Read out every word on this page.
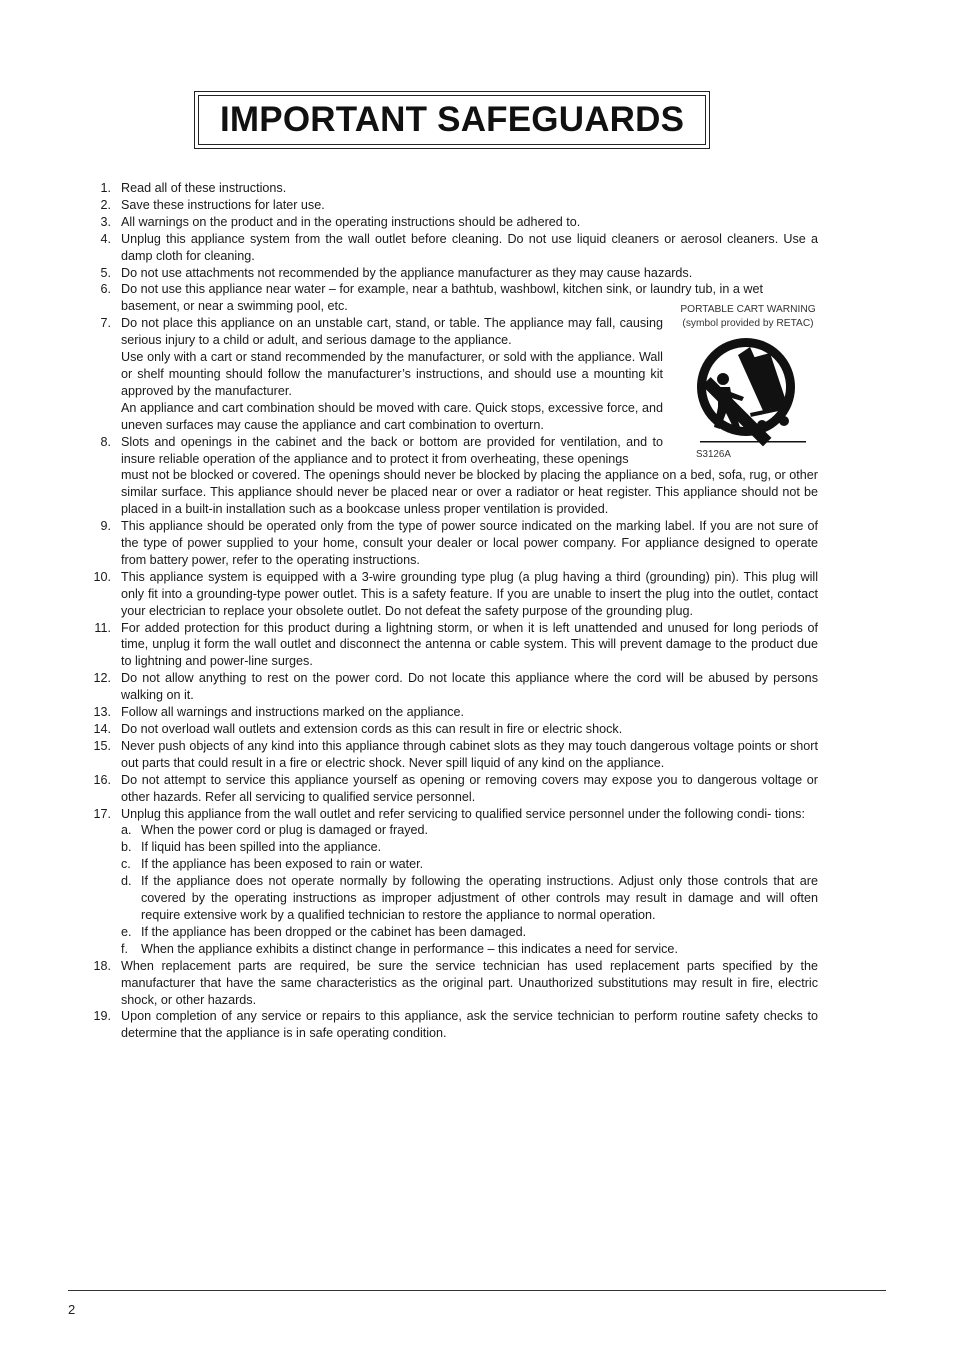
IMPORTANT SAFEGUARDS
1. Read all of these instructions.
2. Save these instructions for later use.
3. All warnings on the product and in the operating instructions should be adhered to.
4. Unplug this appliance system from the wall outlet before cleaning. Do not use liquid cleaners or aerosol cleaners. Use a damp cloth for cleaning.
5. Do not use attachments not recommended by the appliance manufacturer as they may cause hazards.
6. Do not use this appliance near water – for example, near a bathtub, washbowl, kitchen sink, or laundry tub, in a wet
basement, or near a swimming pool, etc.
7. Do not place this appliance on an unstable cart, stand, or table. The appliance may fall, causing serious injury to a child or adult, and serious damage to the appliance.
Use only with a cart or stand recommended by the manufacturer, or sold with the appliance. Wall or shelf mounting should follow the manufacturer’s instructions, and should use a mounting kit approved by the manufacturer.
An appliance and cart combination should be moved with care. Quick stops, excessive force, and uneven surfaces may cause the appliance and cart combination to overturn.
8. Slots and openings in the cabinet and the back or bottom are provided for ventilation, and to insure reliable operation of the appliance and to protect it from overheating, these openings
must not be blocked or covered. The openings should never be blocked by placing the appliance on a bed, sofa, rug, or other similar surface. This appliance should never be placed near or over a radiator or heat register. This appliance should not be placed in a built-in installation such as a bookcase unless proper ventilation is provided.
9. This appliance should be operated only from the type of power source indicated on the marking label. If you are not sure of the type of power supplied to your home, consult your dealer or local power company. For appliance designed to operate from battery power, refer to the operating instructions.
10. This appliance system is equipped with a 3-wire grounding type plug (a plug having a third (grounding) pin). This plug will only fit into a grounding-type power outlet. This is a safety feature. If you are unable to insert the plug into the outlet, contact your electrician to replace your obsolete outlet. Do not defeat the safety purpose of the grounding plug.
11. For added protection for this product during a lightning storm, or when it is left unattended and unused for long periods of time, unplug it form the wall outlet and disconnect the antenna or cable system. This will prevent damage to the product due to lightning and power-line surges.
12. Do not allow anything to rest on the power cord. Do not locate this appliance where the cord will be abused by persons walking on it.
13. Follow all warnings and instructions marked on the appliance.
14. Do not overload wall outlets and extension cords as this can result in fire or electric shock.
15. Never push objects of any kind into this appliance through cabinet slots as they may touch dangerous voltage points or short out parts that could result in a fire or electric shock. Never spill liquid of any kind on the appliance.
16. Do not attempt to service this appliance yourself as opening or removing covers may expose you to dangerous voltage or other hazards. Refer all servicing to qualified service personnel.
17. Unplug this appliance from the wall outlet and refer servicing to qualified service personnel under the following condi- tions:
a. When the power cord or plug is damaged or frayed.
b. If liquid has been spilled into the appliance.
c. If the appliance has been exposed to rain or water.
d. If the appliance does not operate normally by following the operating instructions. Adjust only those controls that are covered by the operating instructions as improper adjustment of other controls may result in damage and will often require extensive work by a qualified technician to restore the appliance to normal operation.
e. If the appliance has been dropped or the cabinet has been damaged.
f.	When the appliance exhibits a distinct change in performance – this indicates a need for service.
18. When replacement parts are required, be sure the service technician has used replacement parts specified by the manufacturer that have the same characteristics as the original part. Unauthorized substitutions may result in fire, electric shock, or other hazards.
19. Upon completion of any service or repairs to this appliance, ask the service technician to perform routine safety checks to determine that the appliance is in safe operating condition.
PORTABLE CART WARNING
(symbol provided by RETAC)
S3126A
2
